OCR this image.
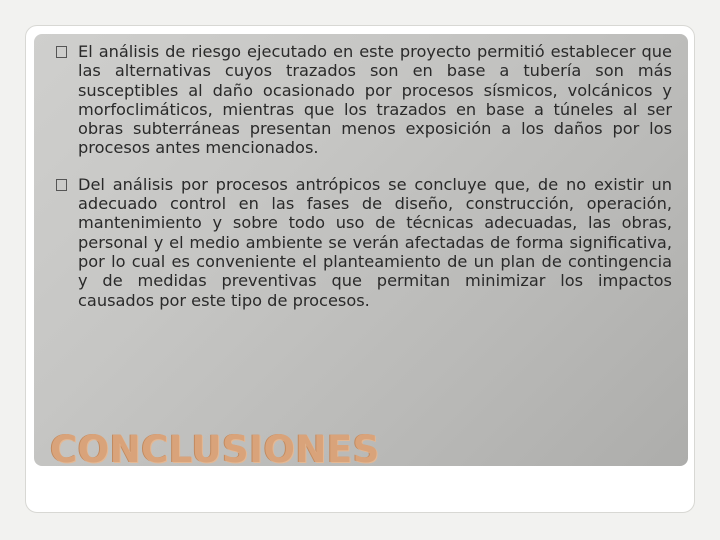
El análisis de riesgo ejecutado en este proyecto permitió establecer que las alternativas cuyos trazados son en base a tubería son más susceptibles al daño ocasionado por procesos sísmicos, volcánicos y morfoclimáticos, mientras que los trazados en base a túneles al ser obras subterráneas presentan menos exposición a los daños por los procesos antes mencionados.
Del análisis por procesos antrópicos se concluye que, de no existir un adecuado control en las fases de diseño, construcción, operación, mantenimiento y sobre todo uso de técnicas adecuadas, las obras, personal y el medio ambiente se verán afectadas de forma significativa, por lo cual es conveniente el planteamiento de un plan de contingencia y de medidas preventivas que permitan minimizar los impactos causados por este tipo de procesos.
CONCLUSIONES
